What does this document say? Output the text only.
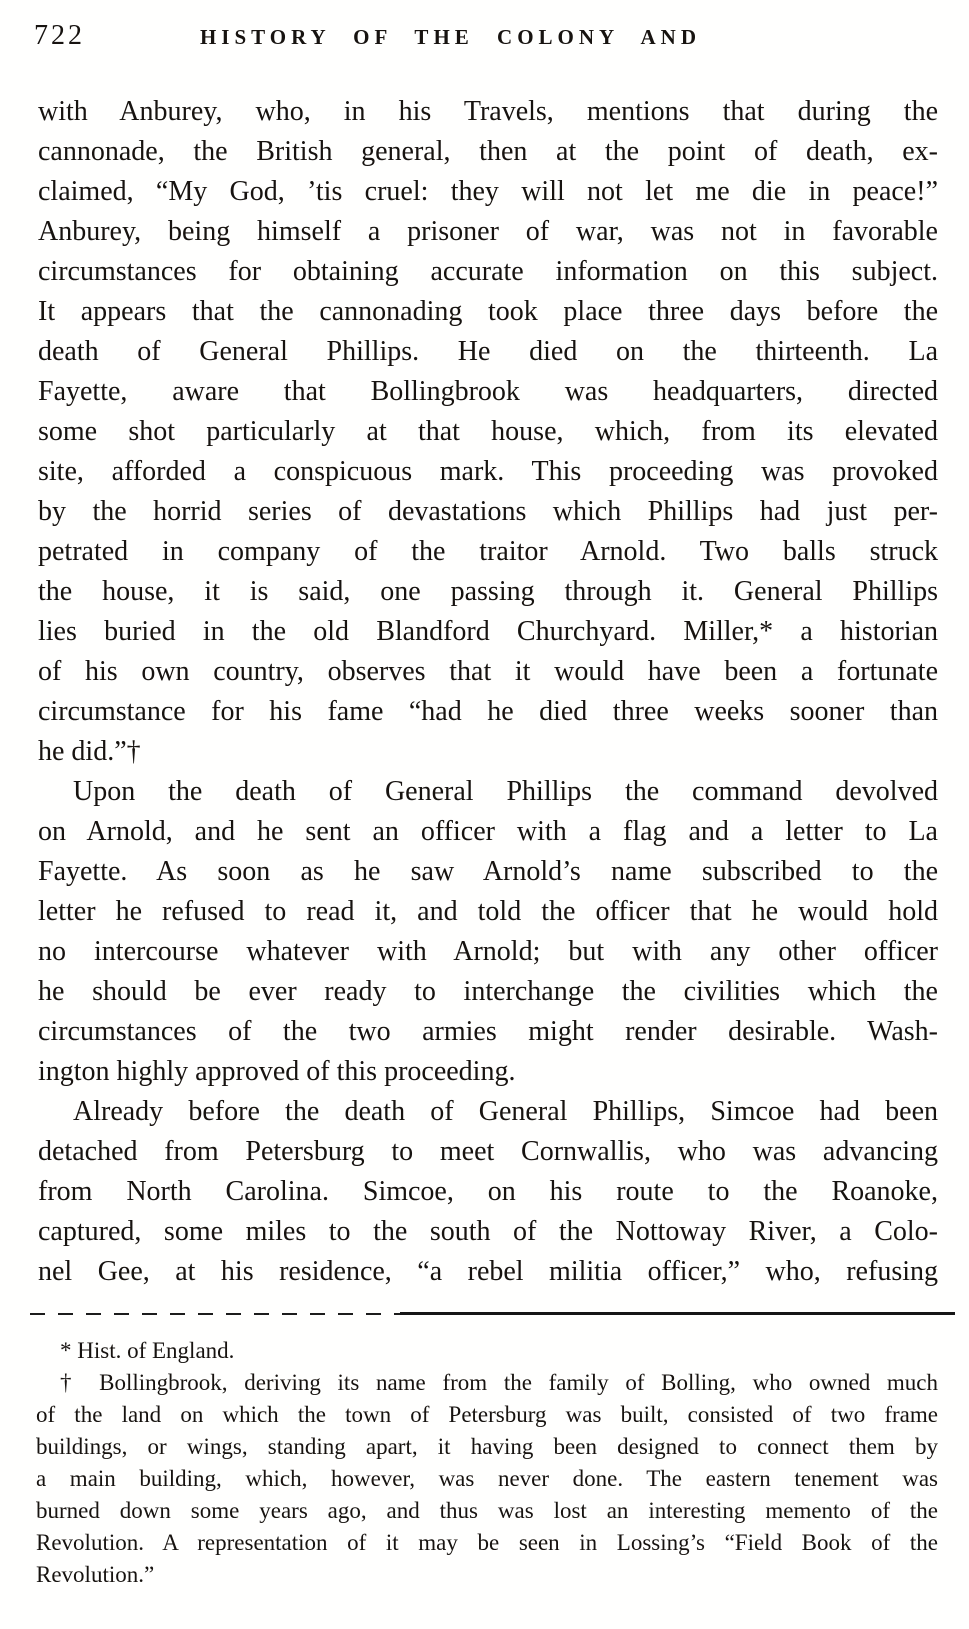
722	HISTORY OF THE COLONY AND
with Anburey, who, in his Travels, mentions that during the
cannonade, the British general, then at the point of death, ex-
claimed, “My God, ’tis cruel: they will not let me die in peace!”
Anburey, being himself a prisoner of war, was not in favorable
circumstances for obtaining accurate information on this subject.
It appears that the cannonading took place three days before the
death of General Phillips. He died on the thirteenth. La
Fayette, aware that Bollingbrook was headquarters, directed
some shot particularly at that house, which, from its elevated
site, afforded a conspicuous mark. This proceeding was provoked
by the horrid series of devastations which Phillips had just per-
petrated in company of the traitor Arnold. Two balls struck
the house, it is said, one passing through it. General Phillips
lies buried in the old Blandford Churchyard. Miller,* a historian
of his own country, observes that it would have been a fortunate
circumstance for his fame “had he died three weeks sooner than
he did.”†
Upon the death of General Phillips the command devolved
on Arnold, and he sent an officer with a flag and a letter to La
Fayette. As soon as he saw Arnold’s name subscribed to the
letter he refused to read it, and told the officer that he would hold
no intercourse whatever with Arnold; but with any other officer
he should be ever ready to interchange the civilities which the
circumstances of the two armies might render desirable. Wash-
ington highly approved of this proceeding.
Already before the death of General Phillips, Simcoe had been
detached from Petersburg to meet Cornwallis, who was advancing
from North Carolina. Simcoe, on his route to the Roanoke,
captured, some miles to the south of the Nottoway River, a Colo-
nel Gee, at his residence, “a rebel militia officer,” who, refusing
* Hist. of England.
† Bollingbrook, deriving its name from the family of Bolling, who owned much
of the land on which the town of Petersburg was built, consisted of two frame
buildings, or wings, standing apart, it having been designed to connect them by
a main building, which, however, was never done. The eastern tenement was
burned down some years ago, and thus was lost an interesting memento of the
Revolution. A representation of it may be seen in Lossing’s “Field Book of the
Revolution.”
